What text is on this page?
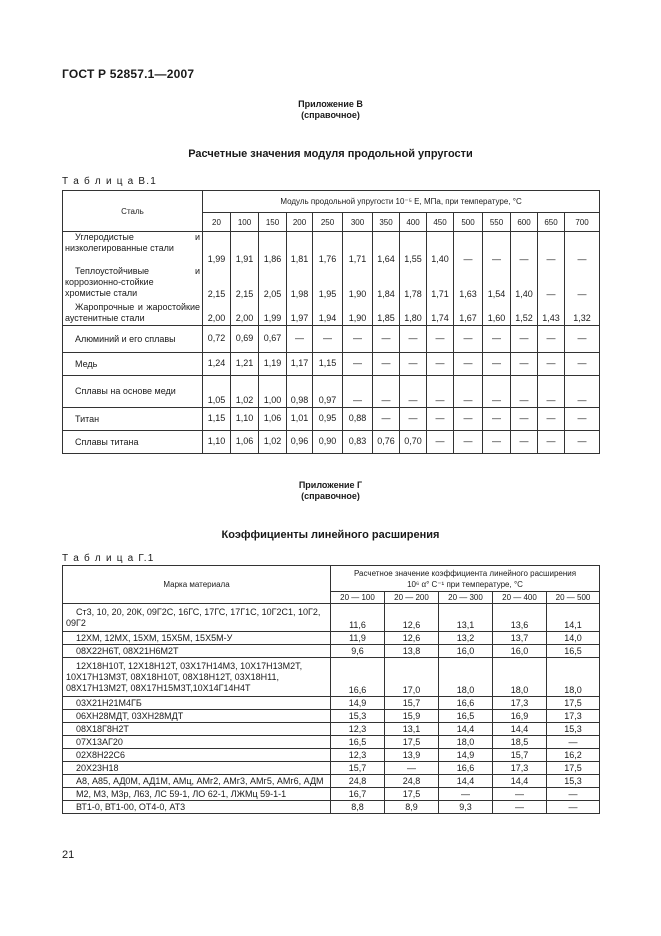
ГОСТ Р 52857.1—2007
Приложение В
(справочное)
Расчетные значения модуля продольной упругости
Т а б л и ц а В.1
Сталь	Модуль продольной упругости 10⁻⁵ E, МПа, при температуре, °С													
	20	100	150	200	250	300	350	400	450	500	550	600	650	700
Углеродистые и низколегированные стали	1,99	1,91	1,86	1,81	1,76	1,71	1,64	1,55	1,40	—	—	—	—	—
Теплоустойчивые и коррозионно-стойкие хромистые стали	2,15	2,15	2,05	1,98	1,95	1,90	1,84	1,78	1,71	1,63	1,54	1,40	—	—
Жаропрочные и жаростойкие аустенитные стали	2,00	2,00	1,99	1,97	1,94	1,90	1,85	1,80	1,74	1,67	1,60	1,52	1,43	1,32
Алюминий и его сплавы	0,72	0,69	0,67	—	—	—	—	—	—	—	—	—	—	—
Медь	1,24	1,21	1,19	1,17	1,15	—	—	—	—	—	—	—	—	—
Сплавы на основе меди	1,05	1,02	1,00	0,98	0,97	—	—	—	—	—	—	—	—	—
Титан	1,15	1,10	1,06	1,01	0,95	0,88	—	—	—	—	—	—	—	—
Сплавы титана	1,10	1,06	1,02	0,96	0,90	0,83	0,76	0,70	—	—	—	—	—	—
Приложение Г
(справочное)
Коэффициенты линейного расширения
Т а б л и ц а Г.1
Марка материала	Расчетное значение коэффициента линейного расширения
10⁶ α° С⁻¹ при температуре, °С				

	20 — 100	20 — 200	20 — 300	20 — 400	20 — 500
Ст3, 10, 20, 20К, 09Г2С, 16ГС, 17ГС, 17Г1С, 10Г2С1, 10Г2, 09Г2	11,6	12,6	13,1	13,6	14,1
12ХМ, 12МХ, 15ХМ, 15Х5М, 15Х5М-У	11,9	12,6	13,2	13,7	14,0
08Х22Н6Т, 08Х21Н6М2Т	9,6	13,8	16,0	16,0	16,5
12Х18Н10Т, 12Х18Н12Т, 03Х17Н14М3, 10Х17Н13М2Т, 10Х17Н13М3Т, 08Х18Н10Т, 08Х18Н12Т, 03Х18Н11, 08Х17Н13М2Т, 08Х17Н15М3Т,10Х14Г14Н4Т	16,6	17,0	18,0	18,0	18,0
03Х21Н21М4ГБ	14,9	15,7	16,6	17,3	17,5
06ХН28МДТ, 03ХН28МДТ	15,3	15,9	16,5	16,9	17,3
08Х18Г8Н2Т	12,3	13,1	14,4	14,4	15,3
07Х13АГ20	16,5	17,5	18,0	18,5	—
02Х8Н22С6	12,3	13,9	14,9	15,7	16,2
20Х23Н18	15,7	—	16,6	17,3	17,5
А8, А85, АД0М, АД1М, АМц, АМг2, АМг3, АМг5, АМг6, АДМ	24,8	24,8	14,4	14,4	15,3
М2, М3, М3р, Л63, ЛС 59-1, ЛО 62-1, ЛЖМц 59-1-1	16,7	17,5	—	—	—
ВТ1-0, ВТ1-00, ОТ4-0, АТ3	8,8	8,9	9,3	—	—
21
